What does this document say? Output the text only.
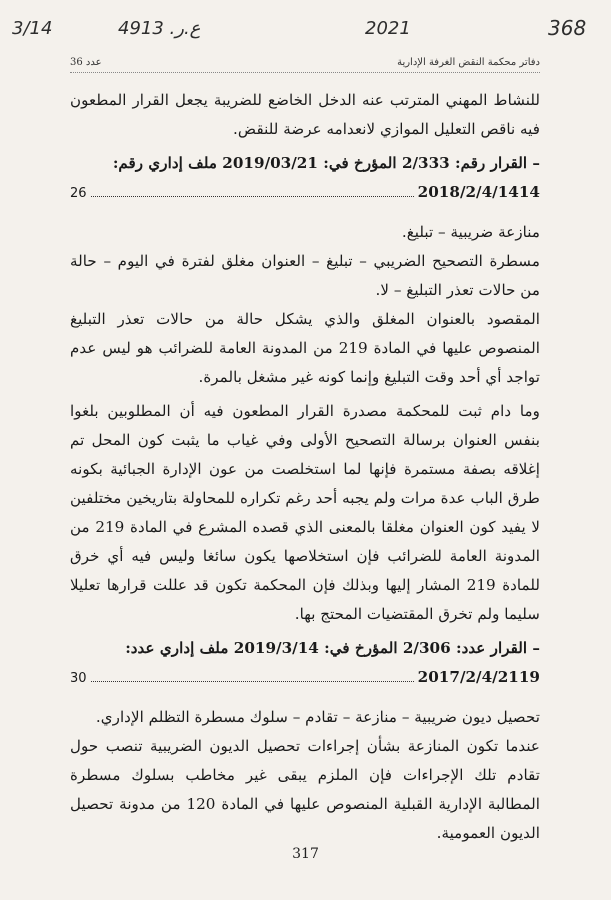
3/14	ع.ر. 4913	2021	368
دفاتر محكمة النقض الغرفة الإدارية
عدد 36

للنشاط المهني المترتب عنه الدخل الخاضع للضريبة يجعل القرار المطعون فيه ناقص التعليل الموازي لانعدامه عرضة للنقض.

– القرار رقم: 2/333 المؤرخ في: 2019/03/21 ملف إداري رقم:

2018/2/4/1414
26

منازعة ضريبية – تبليغ.

مسطرة التصحيح الضريبي – تبليغ – العنوان مغلق لفترة في اليوم – حالة من حالات تعذر التبليغ – لا.

المقصود بالعنوان المغلق والذي يشكل حالة من حالات تعذر التبليغ المنصوص عليها في المادة 219 من المدونة العامة للضرائب هو ليس عدم تواجد أي أحد وقت التبليغ وإنما كونه غير مشغل بالمرة.

وما دام ثبت للمحكمة مصدرة القرار المطعون فيه أن المطلوبين بلغوا بنفس العنوان برسالة التصحيح الأولى وفي غياب ما يثبت كون المحل تم إغلاقه بصفة مستمرة فإنها لما استخلصت من عون الإدارة الجبائية بكونه طرق الباب عدة مرات ولم يجبه أحد رغم تكراره للمحاولة بتاريخين مختلفين لا يفيد كون العنوان مغلقا بالمعنى الذي قصده المشرع في المادة 219 من المدونة العامة للضرائب فإن استخلاصها يكون سائغا وليس فيه أي خرق للمادة 219 المشار إليها وبذلك فإن المحكمة تكون قد عللت قرارها تعليلا سليما ولم تخرق المقتضيات المحتج بها.

– القرار عدد: 2/306 المؤرخ في: 2019/3/14 ملف إداري عدد:

2017/2/4/2119
30

تحصيل ديون ضريبية – منازعة – تقادم – سلوك مسطرة التظلم الإداري.

عندما تكون المنازعة بشأن إجراءات تحصيل الديون الضريبية تنصب حول تقادم تلك الإجراءات فإن الملزم يبقى غير مخاطب بسلوك مسطرة المطالبة الإدارية القبلية المنصوص عليها في المادة 120 من مدونة تحصيل الديون العمومية.

317
